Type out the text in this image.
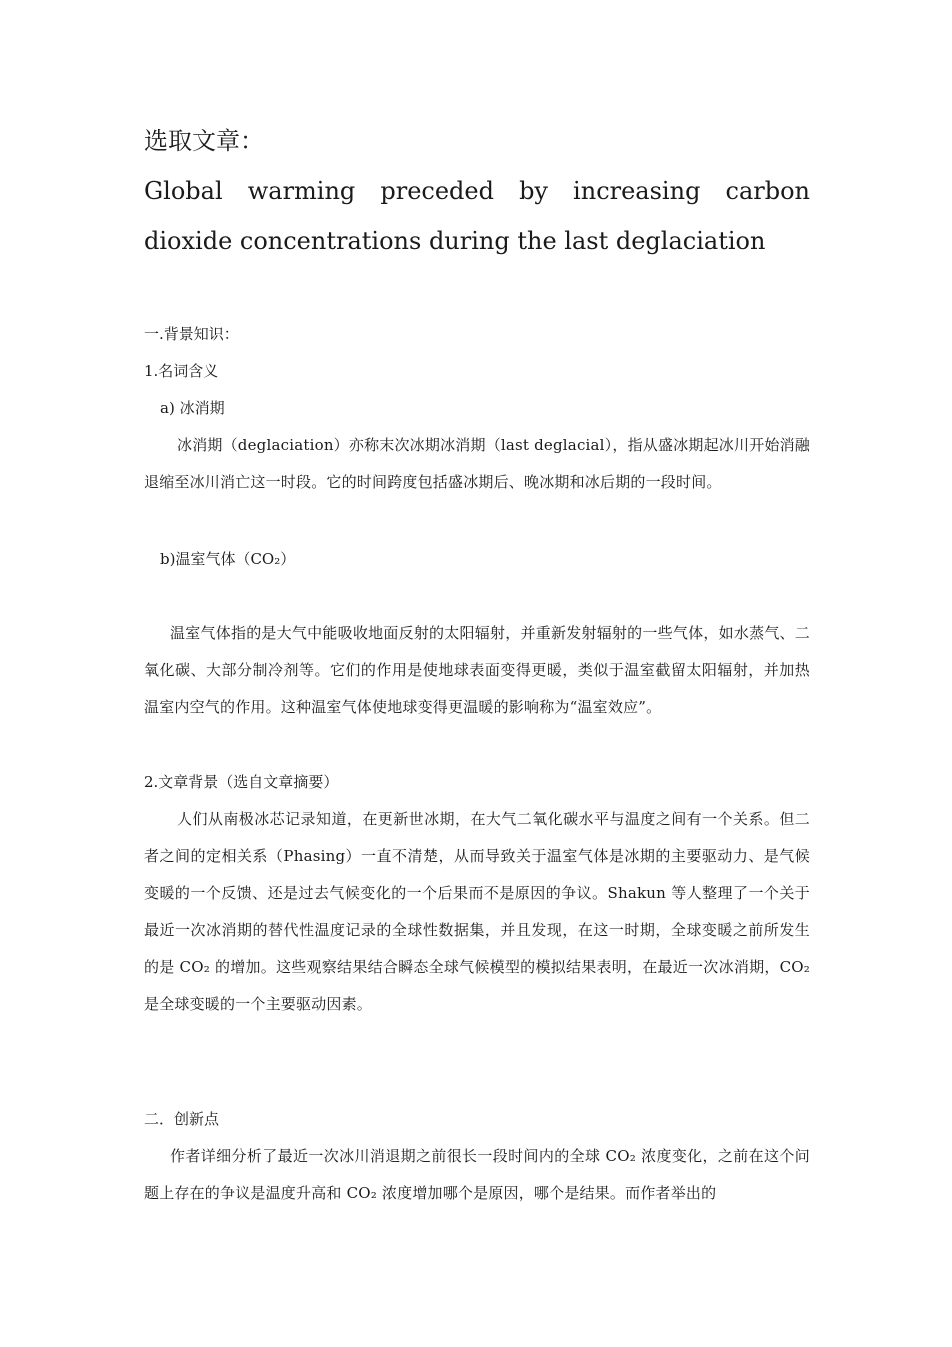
选取文章：
Global warming preceded by increasing carbon dioxide concentrations during the last deglaciation
一.背景知识：
1.名词含义
a) 冰消期
冰消期（deglaciation）亦称末次冰期冰消期（last deglacial），指从盛冰期起冰川开始消融退缩至冰川消亡这一时段。它的时间跨度包括盛冰期后、晚冰期和冰后期的一段时间。
b)温室气体（CO₂）
温室气体指的是大气中能吸收地面反射的太阳辐射，并重新发射辐射的一些气体，如水蒸气、二氧化碳、大部分制冷剂等。它们的作用是使地球表面变得更暖，类似于温室截留太阳辐射，并加热温室内空气的作用。这种温室气体使地球变得更温暖的影响称为“温室效应”。
2.文章背景（选自文章摘要）
人们从南极冰芯记录知道，在更新世冰期，在大气二氧化碳水平与温度之间有一个关系。但二者之间的定相关系（Phasing）一直不清楚，从而导致关于温室气体是冰期的主要驱动力、是气候变暖的一个反馈、还是过去气候变化的一个后果而不是原因的争议。Shakun 等人整理了一个关于最近一次冰消期的替代性温度记录的全球性数据集，并且发现，在这一时期，全球变暖之前所发生的是 CO₂ 的增加。这些观察结果结合瞬态全球气候模型的模拟结果表明，在最近一次冰消期，CO₂ 是全球变暖的一个主要驱动因素。
二．创新点
作者详细分析了最近一次冰川消退期之前很长一段时间内的全球 CO₂ 浓度变化，之前在这个问题上存在的争议是温度升高和 CO₂ 浓度增加哪个是原因，哪个是结果。而作者举出的
